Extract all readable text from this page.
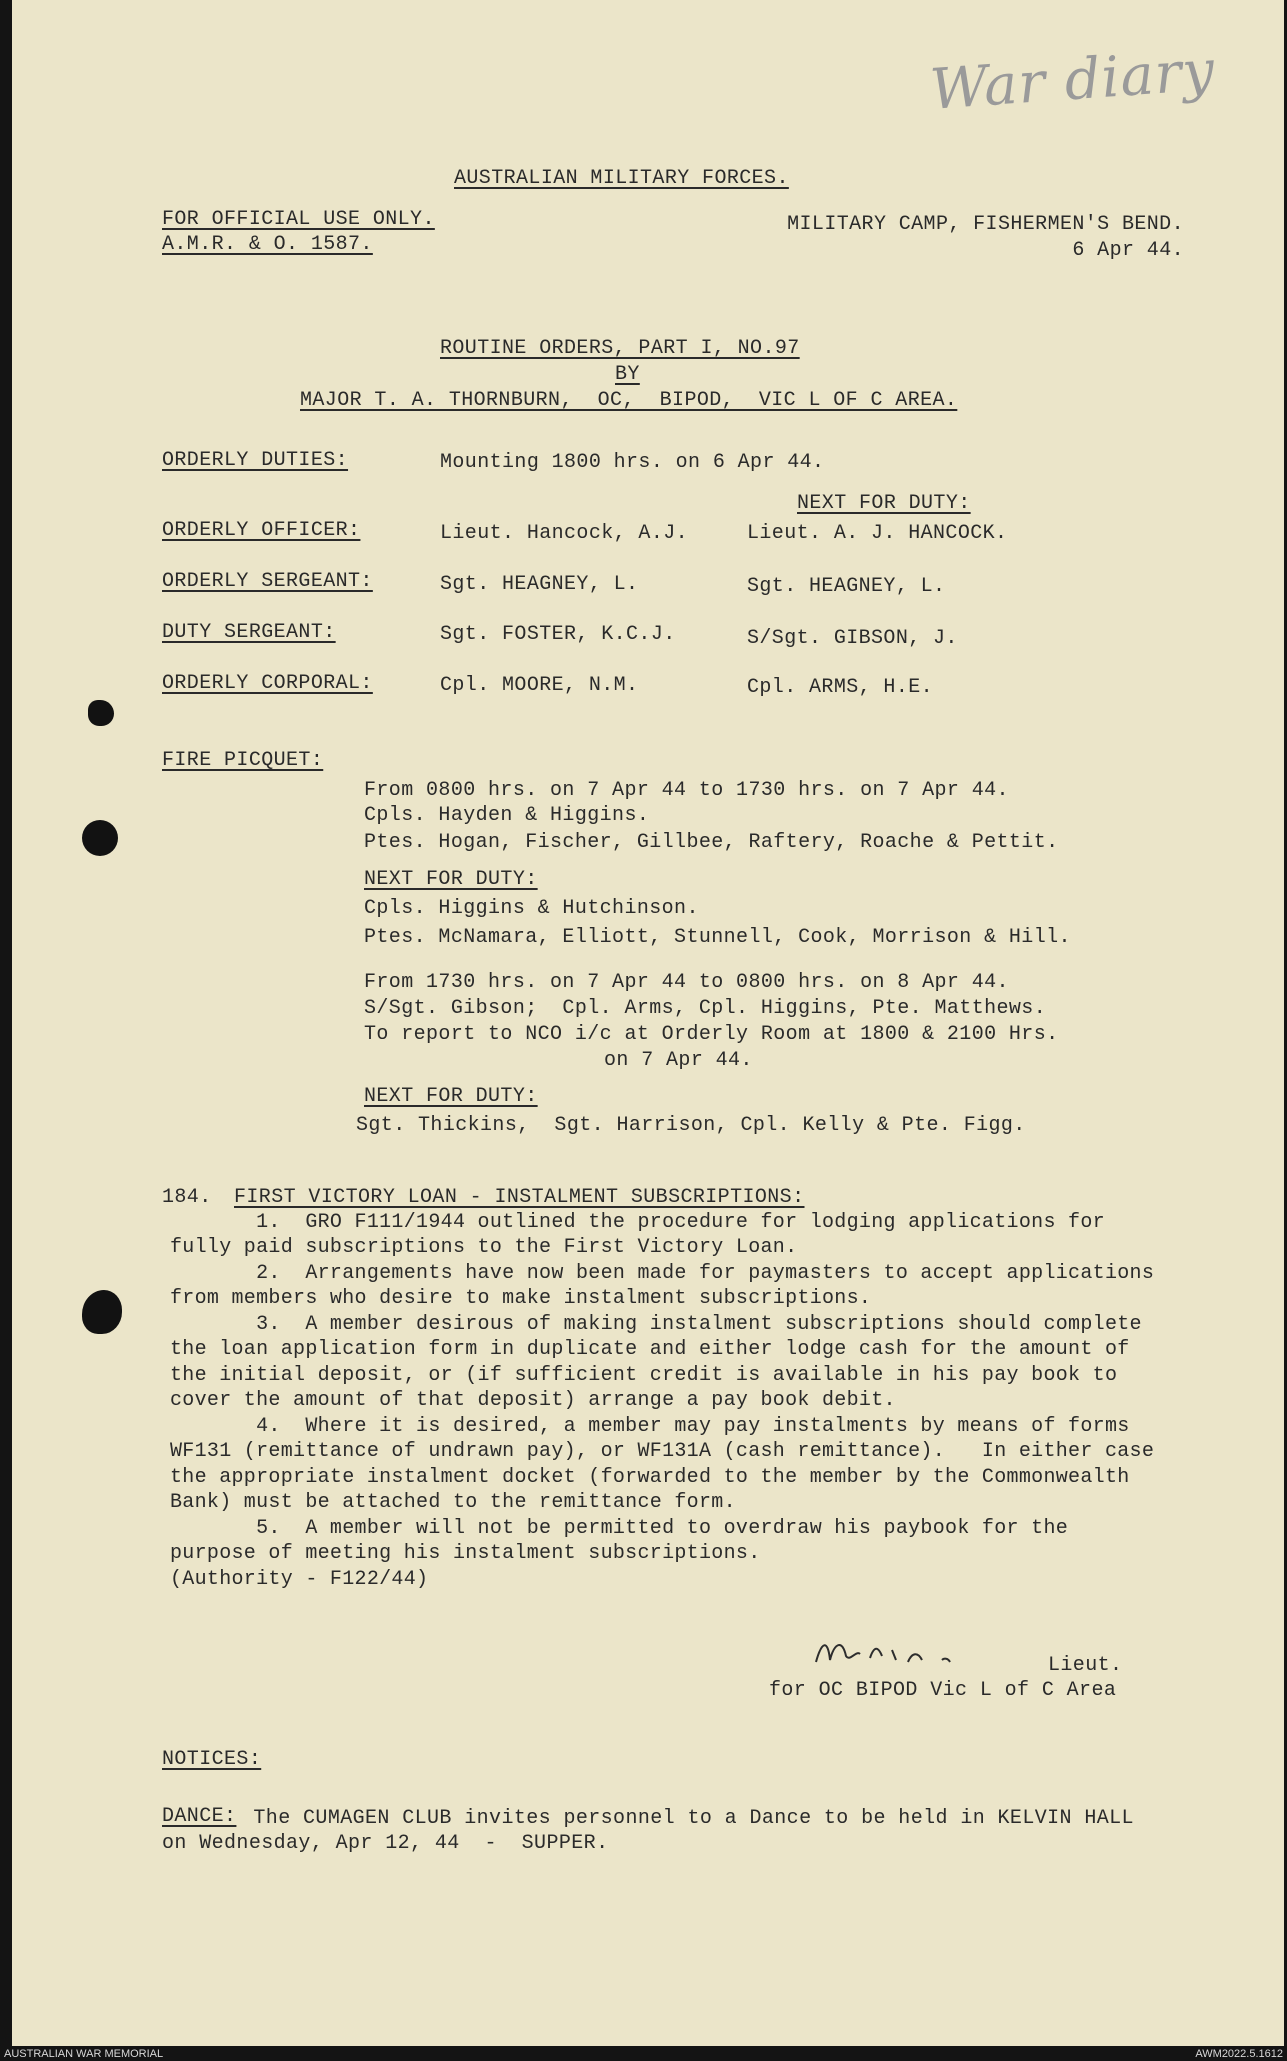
War diary
AUSTRALIAN MILITARY FORCES.
FOR OFFICIAL USE ONLY.
A.M.R. & O. 1587.
MILITARY CAMP, FISHERMEN'S BEND.
6 Apr 44.
ROUTINE ORDERS, PART I, NO.97
BY
MAJOR T. A. THORNBURN,  OC,  BIPOD,  VIC L OF C AREA.
ORDERLY DUTIES:	Mounting 1800 hrs. on 6 Apr 44.
NEXT FOR DUTY:
ORDERLY OFFICER:	Lieut. Hancock, A.J.	Lieut. A. J. HANCOCK.
ORDERLY SERGEANT:	Sgt. HEAGNEY, L.	Sgt. HEAGNEY, L.
DUTY SERGEANT:	Sgt. FOSTER, K.C.J.	S/Sgt. GIBSON, J.
ORDERLY CORPORAL:	Cpl. MOORE, N.M.	Cpl. ARMS, H.E.
FIRE PICQUET:
From 0800 hrs. on 7 Apr 44 to 1730 hrs. on 7 Apr 44.
Cpls. Hayden & Higgins.
Ptes. Hogan, Fischer, Gillbee, Raftery, Roache & Pettit.
NEXT FOR DUTY:
Cpls. Higgins & Hutchinson.
Ptes. McNamara, Elliott, Stunnell, Cook, Morrison & Hill.
From 1730 hrs. on 7 Apr 44 to 0800 hrs. on 8 Apr 44.
S/Sgt. Gibson;  Cpl. Arms, Cpl. Higgins, Pte. Matthews.
To report to NCO i/c at Orderly Room at 1800 & 2100 Hrs.
on 7 Apr 44.
NEXT FOR DUTY:
Sgt. Thickins,  Sgt. Harrison, Cpl. Kelly & Pte. Figg.
184. FIRST VICTORY LOAN - INSTALMENT SUBSCRIPTIONS:
1.  GRO F111/1944 outlined the procedure for lodging applications for
fully paid subscriptions to the First Victory Loan.
2.  Arrangements have now been made for paymasters to accept applications
from members who desire to make instalment subscriptions.
3.  A member desirous of making instalment subscriptions should complete
the loan application form in duplicate and either lodge cash for the amount of
the initial deposit, or (if sufficient credit is available in his pay book to
cover the amount of that deposit) arrange a pay book debit.
4.  Where it is desired, a member may pay instalments by means of forms
WF131 (remittance of undrawn pay), or WF131A (cash remittance).   In either case
the appropriate instalment docket (forwarded to the member by the Commonwealth
Bank) must be attached to the remittance form.
5.  A member will not be permitted to overdraw his paybook for the
purpose of meeting his instalment subscriptions.
(Authority - F122/44)
Lieut.
for OC BIPOD Vic L of C Area
NOTICES:
DANCE: The CUMAGEN CLUB invites personnel to a Dance to be held in KELVIN HALL
on Wednesday, Apr 12, 44  -  SUPPER.
AUSTRALIAN WAR MEMORIAL	AWM2022.5.1612
